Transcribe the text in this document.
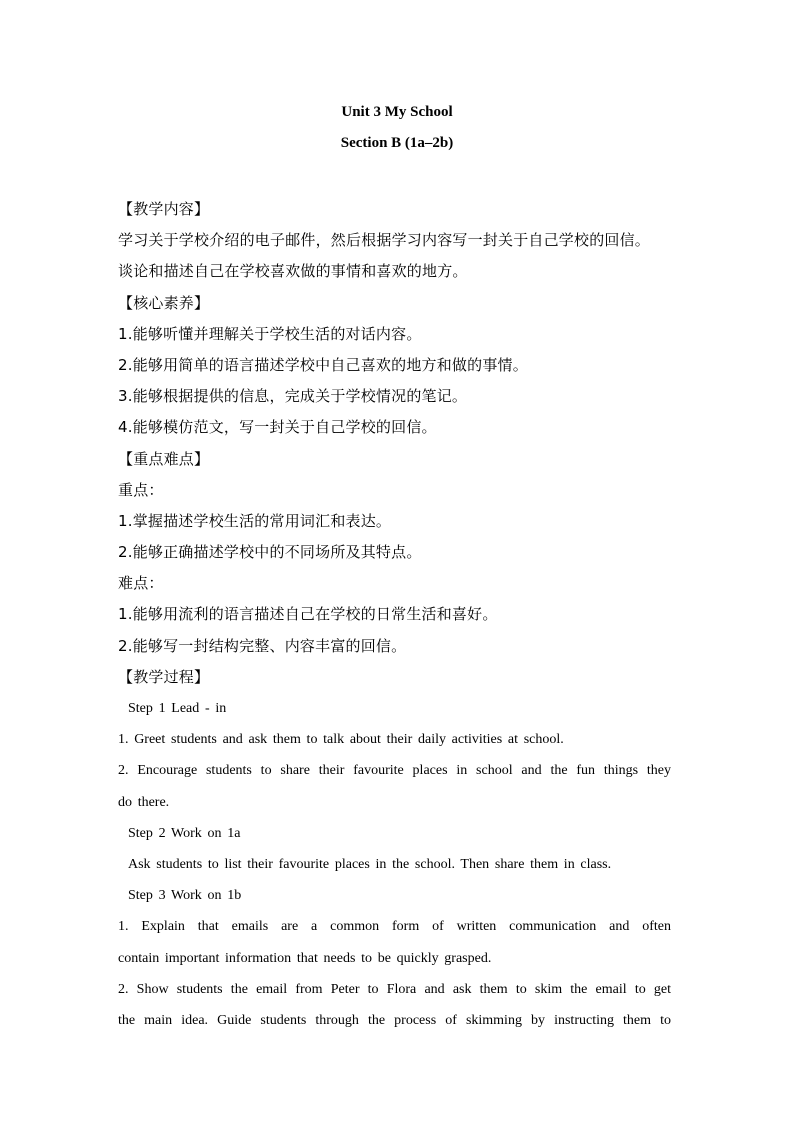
Unit 3 My School
Section B (1a–2b)
【教学内容】
学习关于学校介绍的电子邮件，然后根据学习内容写一封关于自己学校的回信。
谈论和描述自己在学校喜欢做的事情和喜欢的地方。
【核心素养】
1.能够听懂并理解关于学校生活的对话内容。
2.能够用简单的语言描述学校中自己喜欢的地方和做的事情。
3.能够根据提供的信息，完成关于学校情况的笔记。
4.能够模仿范文，写一封关于自己学校的回信。
【重点难点】
重点：
1.掌握描述学校生活的常用词汇和表达。
2.能够正确描述学校中的不同场所及其特点。
难点：
1.能够用流利的语言描述自己在学校的日常生活和喜好。
2.能够写一封结构完整、内容丰富的回信。
【教学过程】
Step 1 Lead - in
1. Greet students and ask them to talk about their daily activities at school.
2. Encourage students to share their favourite places in school and the fun things they
do there.
Step 2 Work on 1a
Ask students to list their favourite places in the school. Then share them in class.
Step 3 Work on 1b
1. Explain that emails are a common form of written communication and often
contain important information that needs to be quickly grasped.
2. Show students the email from Peter to Flora and ask them to skim the email to get
the main idea. Guide students through the process of skimming by instructing them to
